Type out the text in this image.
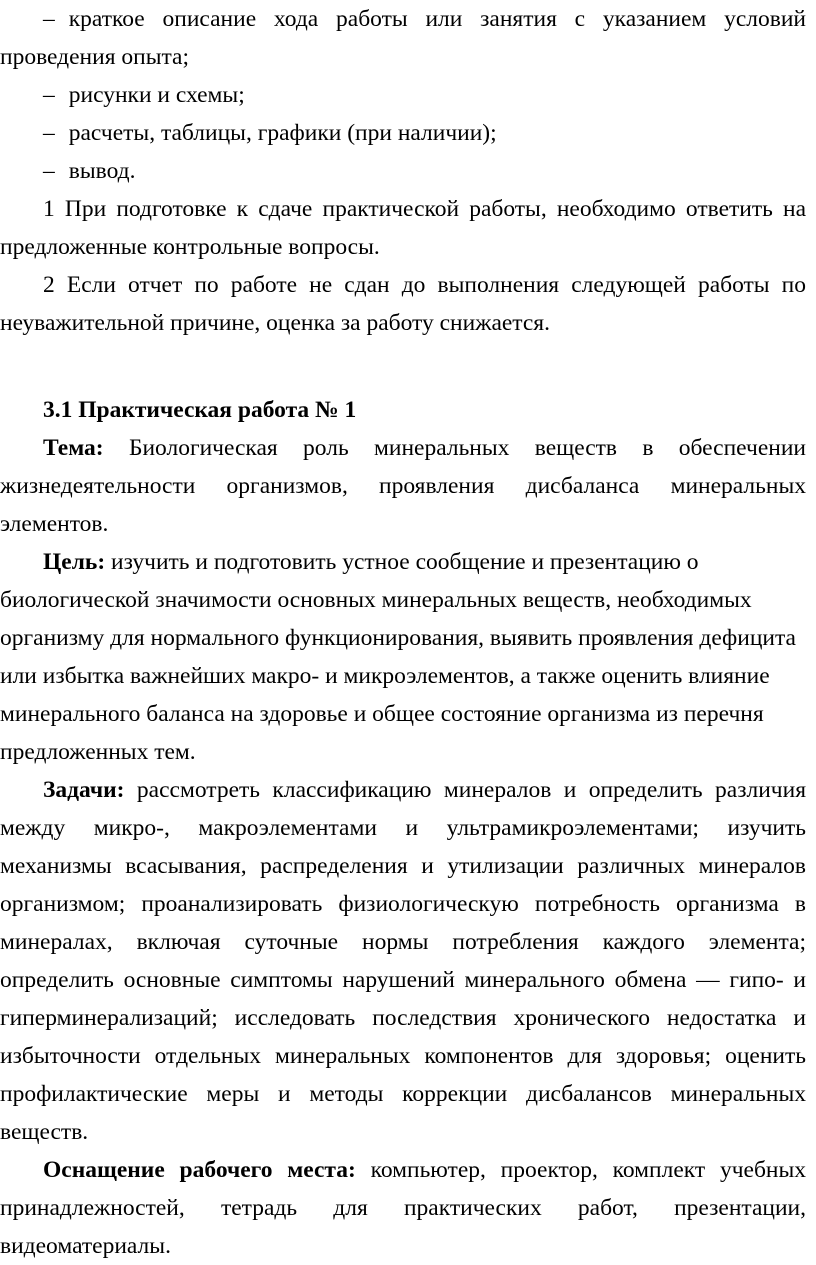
– краткое описание хода работы или занятия с указанием условий проведения опыта;

– рисунки и схемы;

– расчеты, таблицы, графики (при наличии);

– вывод.

1 При подготовке к сдаче практической работы, необходимо ответить на предложенные контрольные вопросы.

2 Если отчет по работе не сдан до выполнения следующей работы по неуважительной причине, оценка за работу снижается.

3.1 Практическая работа № 1

Тема: Биологическая роль минеральных веществ в обеспечении жизнедеятельности организмов, проявления дисбаланса минеральных элементов.

Цель: изучить и подготовить устное сообщение и презентацию о биологической значимости основных минеральных веществ, необходимых организму для нормального функционирования, выявить проявления дефицита или избытка важнейших макро- и микроэлементов, а также оценить влияние минерального баланса на здоровье и общее состояние организма из перечня предложенных тем.

Задачи: рассмотреть классификацию минералов и определить различия между микро-, макроэлементами и ультрамикроэлементами; изучить механизмы всасывания, распределения и утилизации различных минералов организмом; проанализировать физиологическую потребность организма в минералах, включая суточные нормы потребления каждого элемента; определить основные симптомы нарушений минерального обмена — гипо- и гиперминерализаций; исследовать последствия хронического недостатка и избыточности отдельных минеральных компонентов для здоровья; оценить профилактические меры и методы коррекции дисбалансов минеральных веществ.

Оснащение рабочего места: компьютер, проектор, комплект учебных принадлежностей, тетрадь для практических работ, презентации, видеоматериалы.
